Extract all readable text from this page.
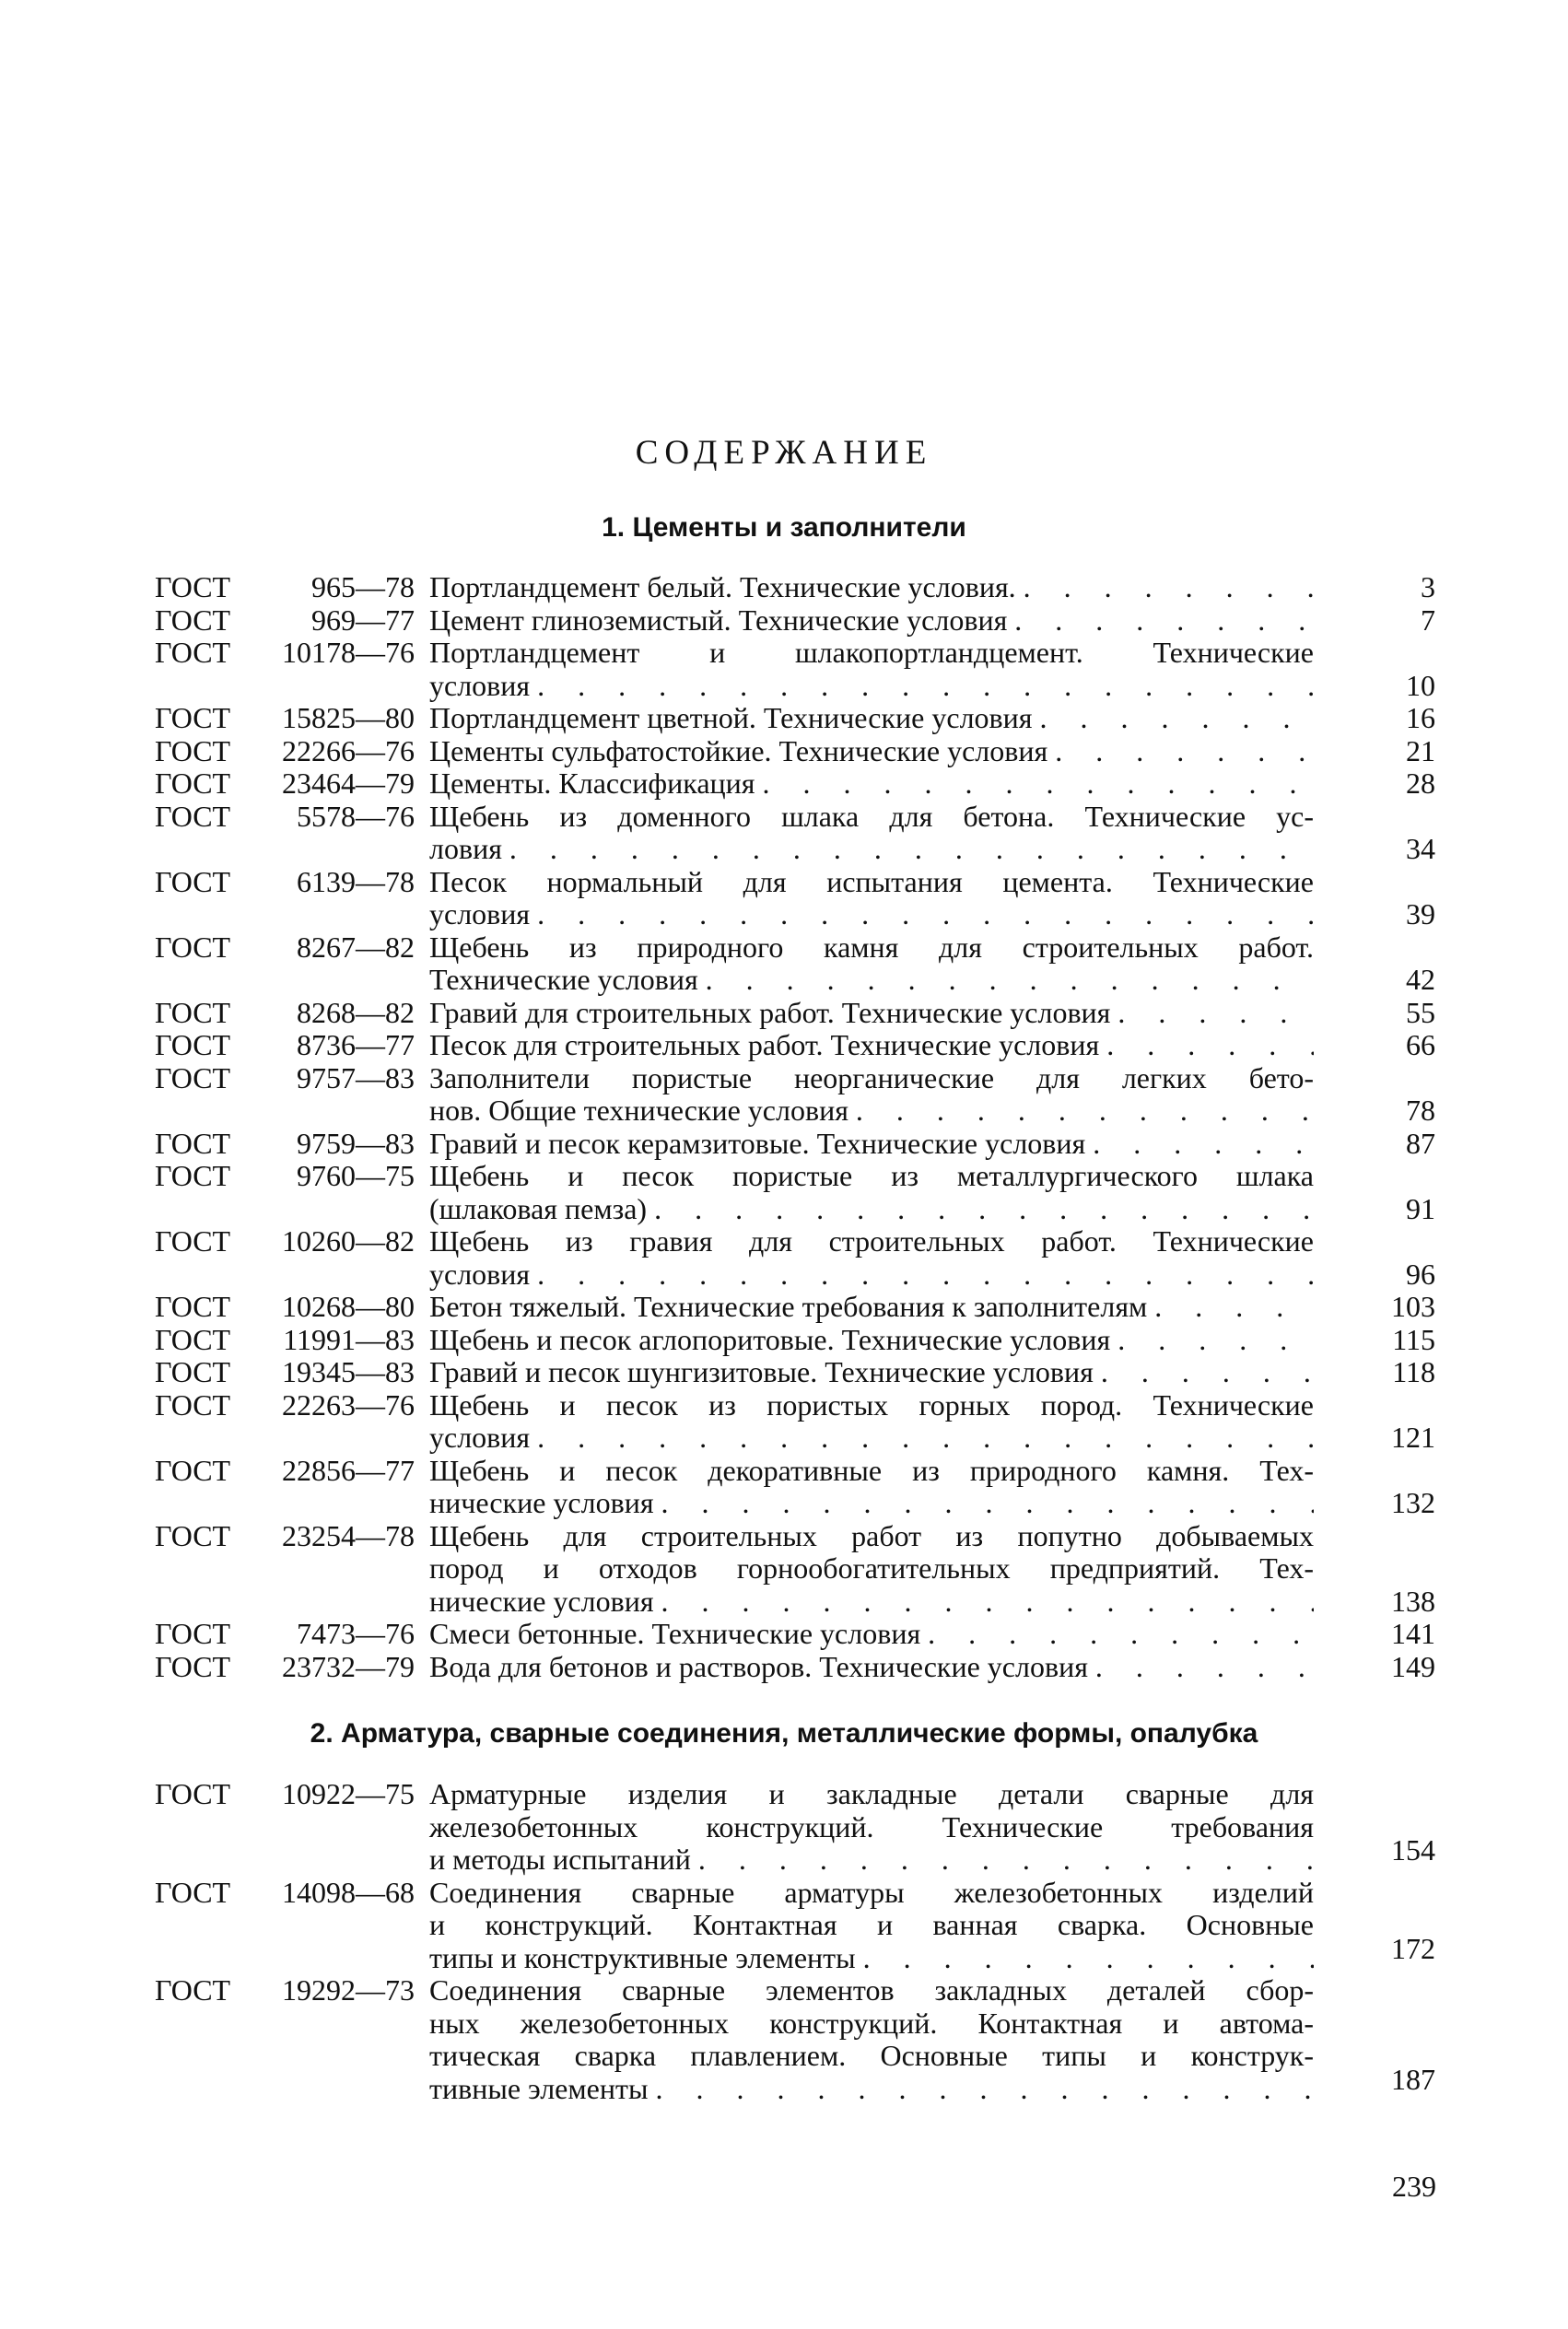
СОДЕРЖАНИЕ
1. Цементы и заполнители
ГОСТ	965—78 Портландцемент белый. Технические условия. . . .	3
ГОСТ	969—77 Цемент глиноземистый. Технические условия . . .	7
ГОСТ	10178—76 Портландцемент и шлакопортландцемент. Технические
условия . . .	10
ГОСТ	15825—80 Портландцемент цветной. Технические условия . . .	16
ГОСТ	22266—76 Цементы сульфатостойкие. Технические условия . . .	21
ГОСТ	23464—79 Цементы. Классификация . . .	28
ГОСТ	5578—76 Щебень из доменного шлака для бетона. Технические ус-
ловия . . .	34
ГОСТ	6139—78 Песок нормальный для испытания цемента. Технические
условия . . .	39
ГОСТ	8267—82 Щебень из природного камня для строительных работ.
Технические условия . . .	42
ГОСТ	8268—82 Гравий для строительных работ. Технические условия . . .	55
ГОСТ	8736—77 Песок для строительных работ. Технические условия . . .	66
ГОСТ	9757—83 Заполнители пористые неорганические для легких бето-
нов. Общие технические условия . . .	78
ГОСТ	9759—83 Гравий и песок керамзитовые. Технические условия . . .	87
ГОСТ	9760—75 Щебень и песок пористые из металлургического шлака
(шлаковая пемза) . . .	91
ГОСТ	10260—82 Щебень из гравия для строительных работ. Технические
условия . . .	96
ГОСТ	10268—80 Бетон тяжелый. Технические требования к заполнителям . . .	103
ГОСТ	11991—83 Щебень и песок аглопоритовые. Технические условия . . .	115
ГОСТ	19345—83 Гравий и песок шунгизитовые. Технические условия . . .	118
ГОСТ	22263—76 Щебень и песок из пористых горных пород. Технические
условия . . .	121
ГОСТ	22856—77 Щебень и песок декоративные из природного камня. Тех-
нические условия . . .	132
ГОСТ	23254—78 Щебень для строительных работ из попутно добываемых
пород и отходов горнообогатительных предприятий. Тех-
нические условия . . .	138
ГОСТ	7473—76 Смеси бетонные. Технические условия . . .	141
ГОСТ	23732—79 Вода для бетонов и растворов. Технические условия . . .	149
2. Арматура, сварные соединения, металлические формы, опалубка
ГОСТ	10922—75 Арматурные изделия и закладные детали сварные для
железобетонных конструкций. Технические требования
и методы испытаний . . .	154
ГОСТ	14098—68 Соединения сварные арматуры железобетонных изделий
и конструкций. Контактная и ванная сварка. Основные
типы и конструктивные элементы . . .	172
ГОСТ	19292—73 Соединения сварные элементов закладных деталей сбор-
ных железобетонных конструкций. Контактная и автома-
тическая сварка плавлением. Основные типы и конструк-
тивные элементы . . .	187
239
